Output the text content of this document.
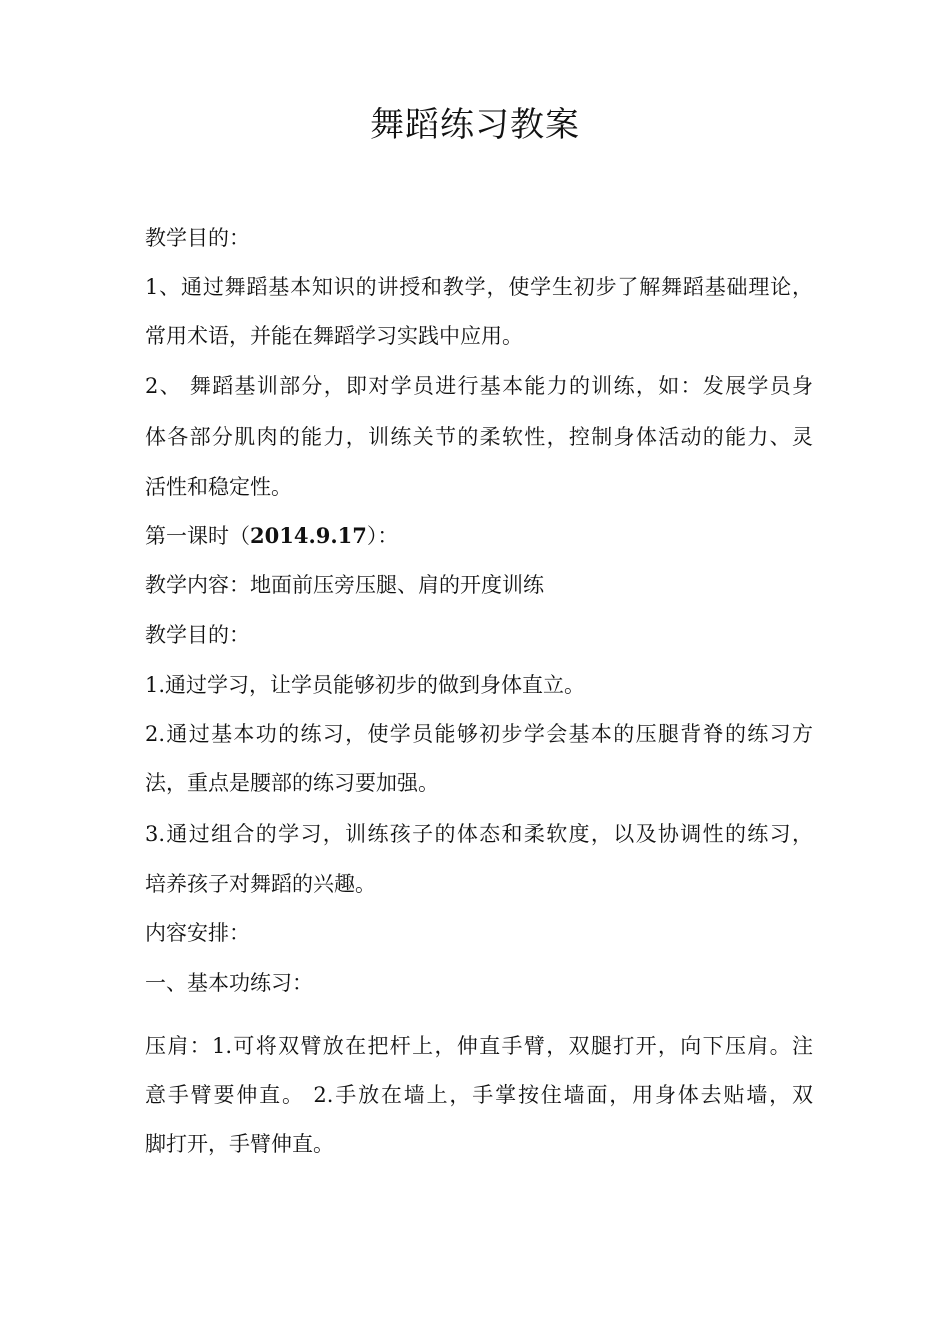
舞蹈练习教案
教学目的：
1、通过舞蹈基本知识的讲授和教学，使学生初步了解舞蹈基础理论，
常用术语，并能在舞蹈学习实践中应用。
2、 舞蹈基训部分，即对学员进行基本能力的训练，如：发展学员身
体各部分肌肉的能力，训练关节的柔软性，控制身体活动的能力、灵
活性和稳定性。
第一课时（2014.9.17）：
教学内容：地面前压旁压腿、肩的开度训练
教学目的：
1.通过学习，让学员能够初步的做到身体直立。
2.通过基本功的练习，使学员能够初步学会基本的压腿背脊的练习方
法，重点是腰部的练习要加强。
3.通过组合的学习，训练孩子的体态和柔软度，以及协调性的练习，
培养孩子对舞蹈的兴趣。
内容安排：
一、基本功练习：
压肩：1.可将双臂放在把杆上，伸直手臂，双腿打开，向下压肩。注
意手臂要伸直。 2.手放在墙上，手掌按住墙面，用身体去贴墙，双
脚打开，手臂伸直。
